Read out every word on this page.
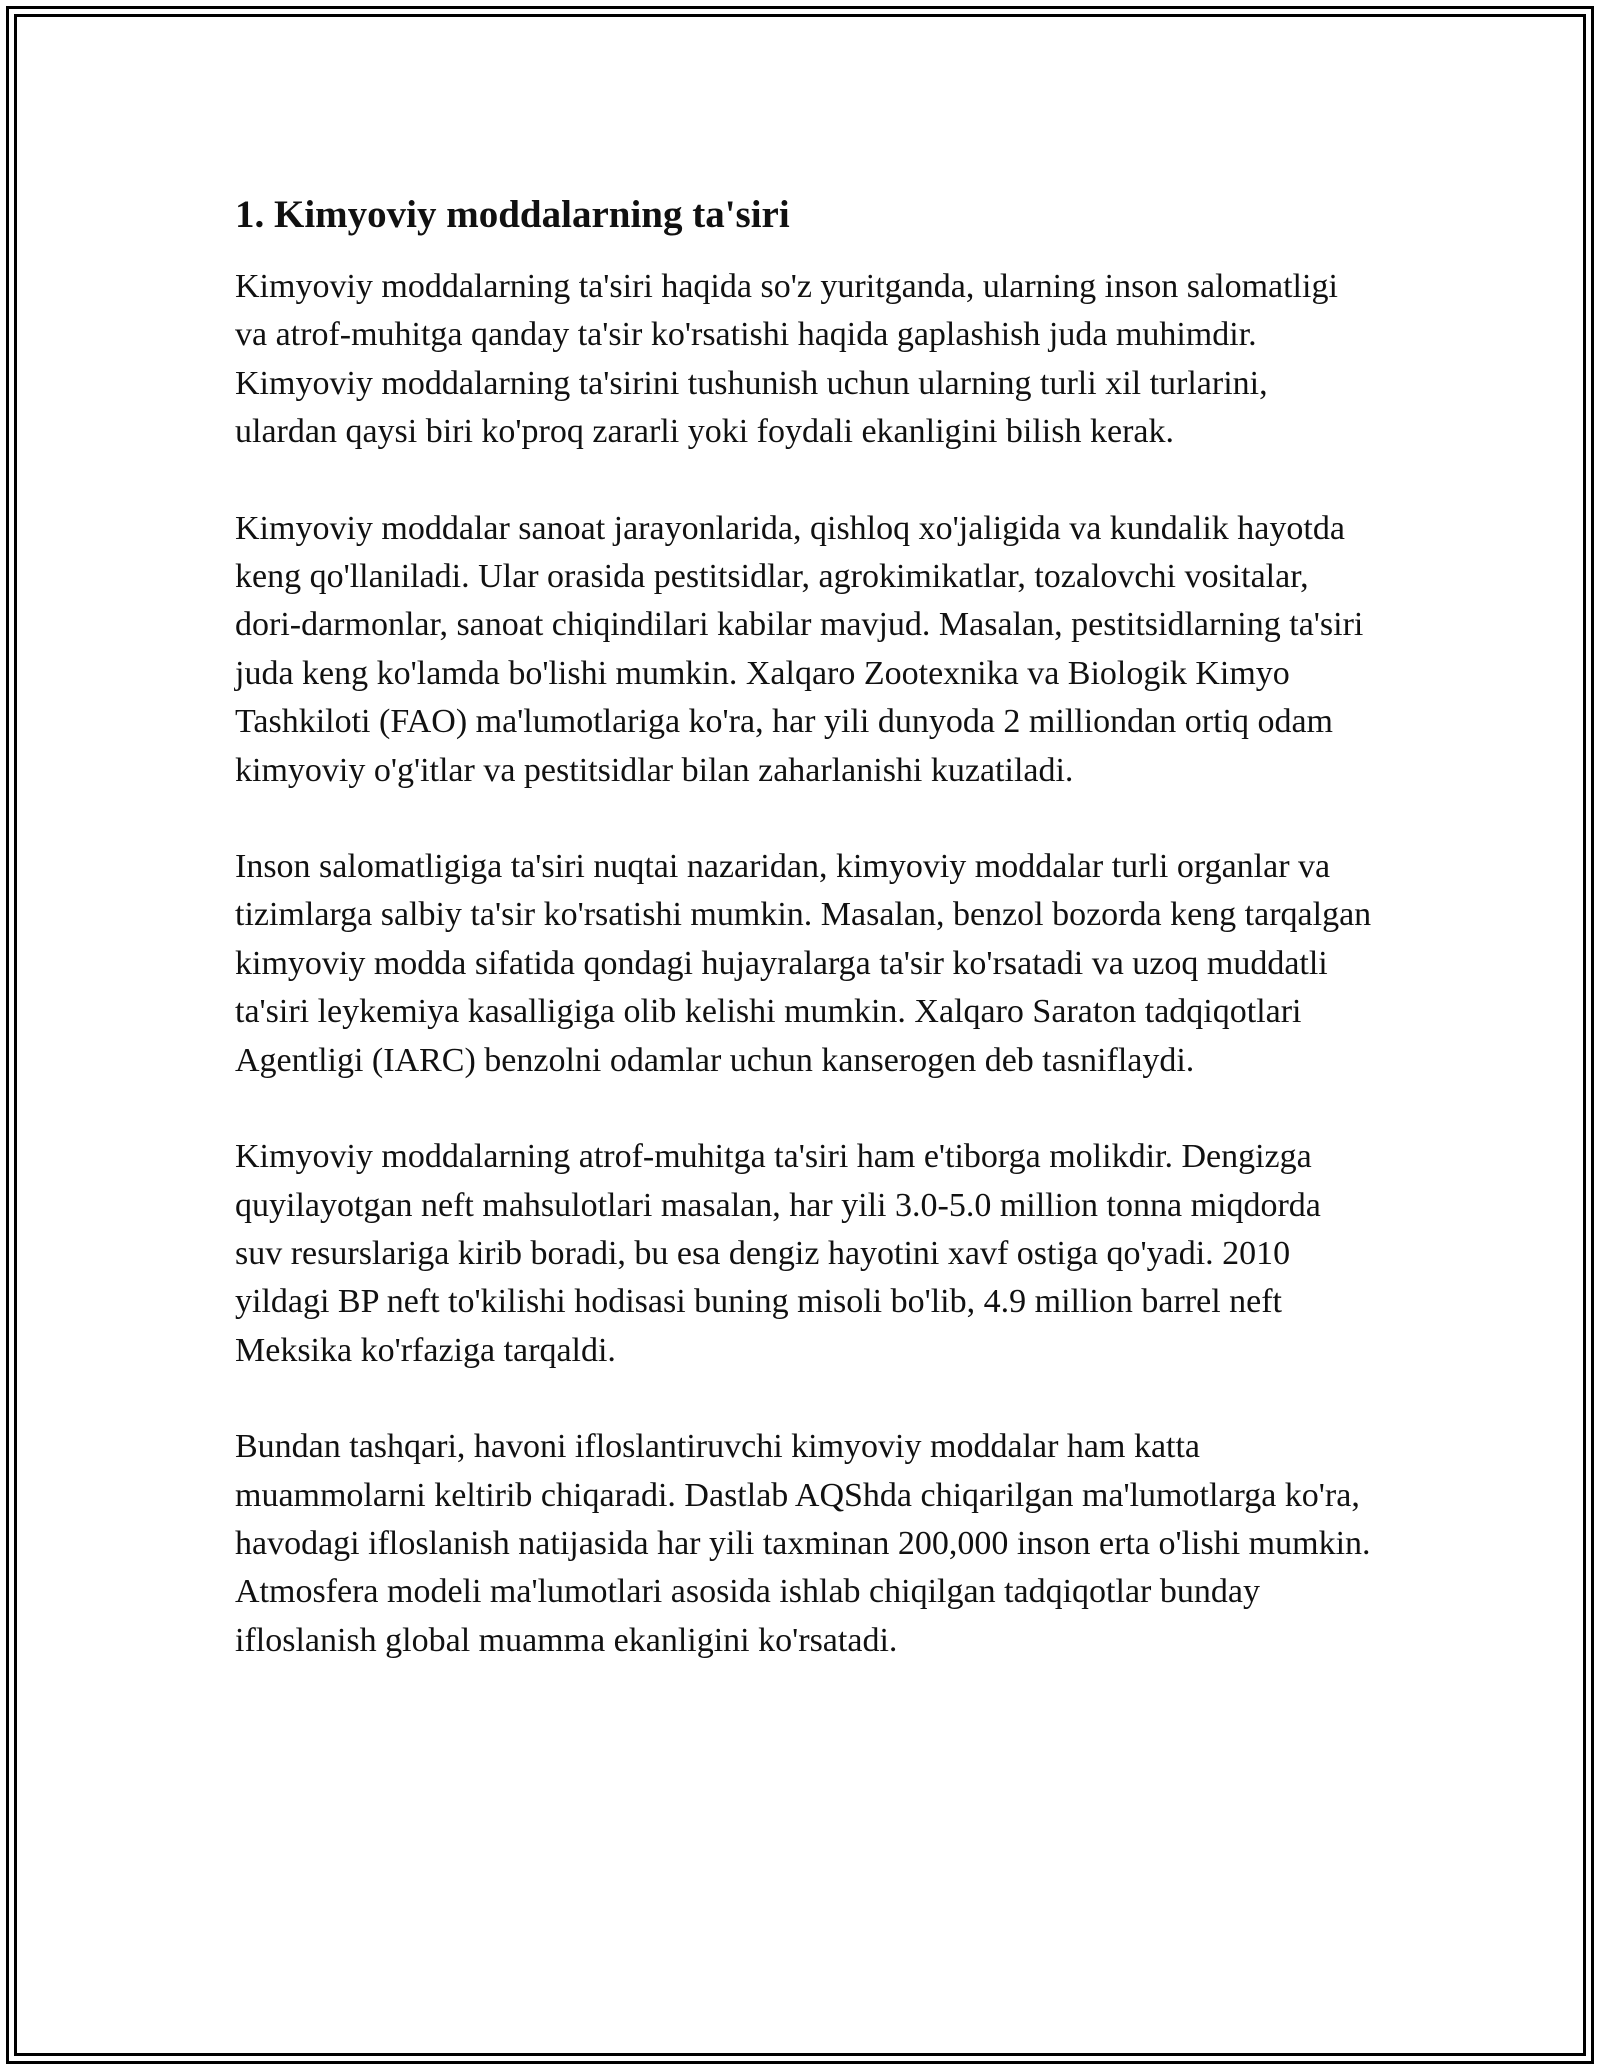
1. Kimyoviy moddalarning ta'siri

Kimyoviy moddalarning ta'siri haqida so'z yuritganda, ularning inson salomatligi va atrof-muhitga qanday ta'sir ko'rsatishi haqida gaplashish juda muhimdir. Kimyoviy moddalarning ta'sirini tushunish uchun ularning turli xil turlarini, ulardan qaysi biri ko'proq zararli yoki foydali ekanligini bilish kerak.

Kimyoviy moddalar sanoat jarayonlarida, qishloq xo'jaligida va kundalik hayotda keng qo'llaniladi. Ular orasida pestitsidlar, agrokimikatlar, tozalovchi vositalar, dori-darmonlar, sanoat chiqindilari kabilar mavjud. Masalan, pestitsidlarning ta'siri juda keng ko'lamda bo'lishi mumkin. Xalqaro Zootexnika va Biologik Kimyo Tashkiloti (FAO) ma'lumotlariga ko'ra, har yili dunyoda 2 milliondan ortiq odam kimyoviy o'g'itlar va pestitsidlar bilan zaharlanishi kuzatiladi.

Inson salomatligiga ta'siri nuqtai nazaridan, kimyoviy moddalar turli organlar va tizimlarga salbiy ta'sir ko'rsatishi mumkin. Masalan, benzol bozorda keng tarqalgan kimyoviy modda sifatida qondagi hujayralarga ta'sir ko'rsatadi va uzoq muddatli ta'siri leykemiya kasalligiga olib kelishi mumkin. Xalqaro Saraton tadqiqotlari Agentligi (IARC) benzolni odamlar uchun kanserogen deb tasniflaydi.

Kimyoviy moddalarning atrof-muhitga ta'siri ham e'tiborga molikdir. Dengizga quyilayotgan neft mahsulotlari masalan, har yili 3.0-5.0 million tonna miqdorda suv resurslariga kirib boradi, bu esa dengiz hayotini xavf ostiga qo'yadi. 2010 yildagi BP neft to'kilishi hodisasi buning misoli bo'lib, 4.9 million barrel neft Meksika ko'rfaziga tarqaldi.

Bundan tashqari, havoni ifloslantiruvchi kimyoviy moddalar ham katta muammolarni keltirib chiqaradi. Dastlab AQShda chiqarilgan ma'lumotlarga ko'ra, havodagi ifloslanish natijasida har yili taxminan 200,000 inson erta o'lishi mumkin. Atmosfera modeli ma'lumotlari asosida ishlab chiqilgan tadqiqotlar bunday ifloslanish global muamma ekanligini ko'rsatadi.
